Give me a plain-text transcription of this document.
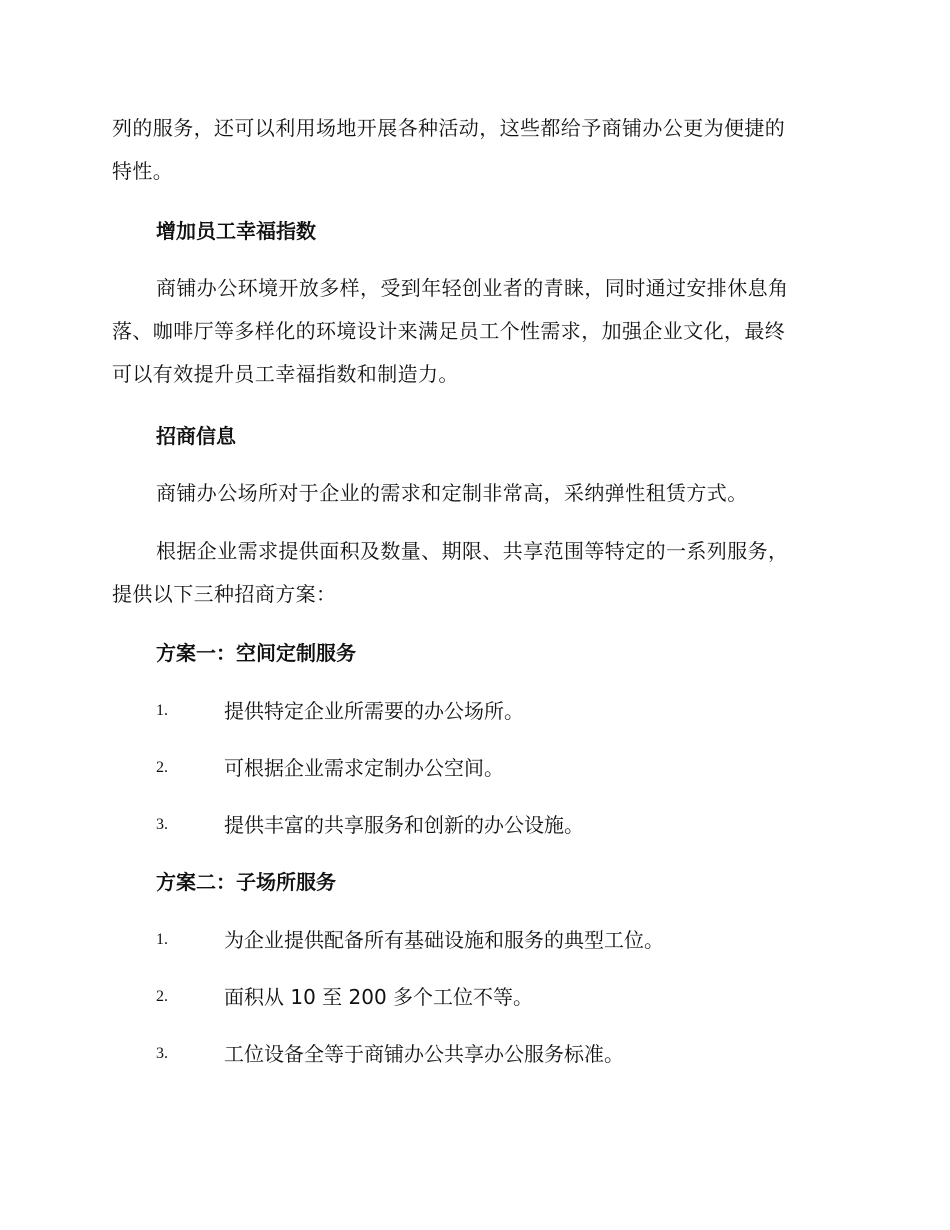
列的服务，还可以利用场地开展各种活动，这些都给予商铺办公更为便捷的
特性。
增加员工幸福指数
商铺办公环境开放多样，受到年轻创业者的青睐，同时通过安排休息角
落、咖啡厅等多样化的环境设计来满足员工个性需求，加强企业文化，最终
可以有效提升员工幸福指数和制造力。
招商信息
商铺办公场所对于企业的需求和定制非常高，采纳弹性租赁方式。
根据企业需求提供面积及数量、期限、共享范围等特定的一系列服务，
提供以下三种招商方案：
方案一：空间定制服务
1.	提供特定企业所需要的办公场所。
2.	可根据企业需求定制办公空间。
3.	提供丰富的共享服务和创新的办公设施。
方案二：子场所服务
1.	为企业提供配备所有基础设施和服务的典型工位。
2.	面积从 10 至 200 多个工位不等。
3.	工位设备全等于商铺办公共享办公服务标准。
